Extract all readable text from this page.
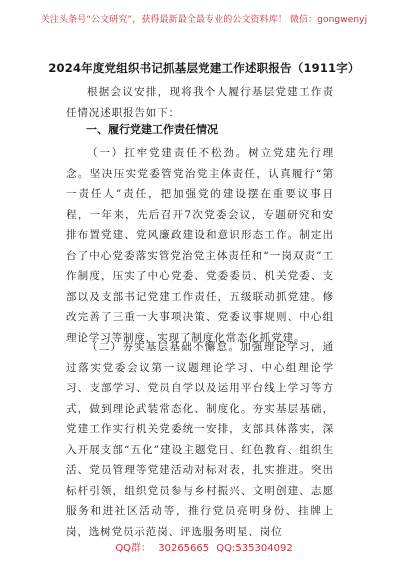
关注头条号“公文研究”，获得最新最全最专业的公文资料库！ 微信：gongwenyj
2024年度党组织书记抓基层党建工作述职报告（1911字）
根据会议安排，现将我个人履行基层党建工作责任情况述职报告如下：
一、履行党建工作责任情况
（一）扛牢党建责任不松劲。树立党建先行理念。坚决压实党委管党治党主体责任，认真履行“第一责任人”责任，把加强党的建设摆在重要议事日程，一年来，先后召开7次党委会议，专题研究和安排布置党建、党风廉政建设和意识形态工作。制定出台了中心党委落实管党治党主体责任和“一岗双责”工作制度，压实了中心党委、党委委员、机关党委、支部以及支部书记党建工作责任，五级联动抓党建。修改完善了三重一大事项决策、党委议事规则、中心组理论学习等制度，实现了制度化常态化抓党建。
（二）夯实基层基础不懈怠。加强理论学习，通过落实党委会议第一议题理论学习、中心组理论学习、支部学习、党员自学以及运用平台线上学习等方式，做到理论武装常态化、制度化。夯实基层基础，党建工作实行机关党委统一安排，支部具体落实，深入开展支部“五化”建设主题党日、红色教育、组织生活、党员管理等党建活动对标对表，扎实推进。突出标杆引领，组织党员参与乡村振兴、文明创建、志愿服务和进社区活动等，推行党员亮明身份、挂牌上岗，选树党员示范岗、评选服务明星、岗位
QQ群： 30265665 QQ:535304092
